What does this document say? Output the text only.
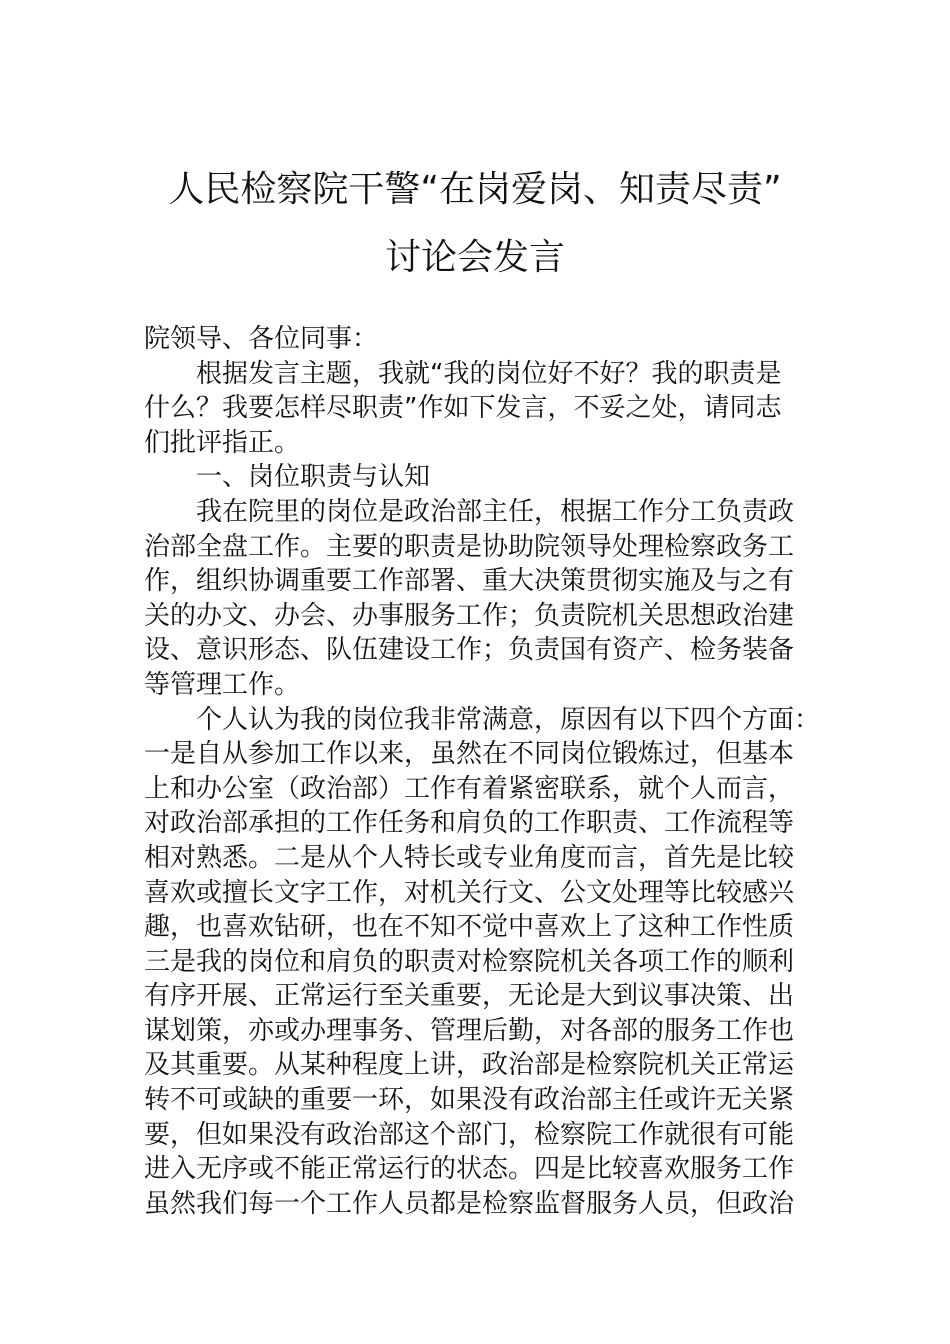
人民检察院干警“在岗爱岗、知责尽责”
讨论会发言
院领导、各位同事：
根据发言主题，我就“我的岗位好不好？我的职责是
什么？我要怎样尽职责”作如下发言，不妥之处，请同志
们批评指正。
一、岗位职责与认知
我在院里的岗位是政治部主任，根据工作分工负责政
治部全盘工作。主要的职责是协助院领导处理检察政务工
作，组织协调重要工作部署、重大决策贯彻实施及与之有
关的办文、办会、办事服务工作；负责院机关思想政治建
设、意识形态、队伍建设工作；负责国有资产、检务装备
等管理工作。
个人认为我的岗位我非常满意，原因有以下四个方面：
一是自从参加工作以来，虽然在不同岗位锻炼过，但基本
上和办公室（政治部）工作有着紧密联系，就个人而言，
对政治部承担的工作任务和肩负的工作职责、工作流程等
相对熟悉。二是从个人特长或专业角度而言，首先是比较
喜欢或擅长文字工作，对机关行文、公文处理等比较感兴
趣，也喜欢钻研，也在不知不觉中喜欢上了这种工作性质
三是我的岗位和肩负的职责对检察院机关各项工作的顺利
有序开展、正常运行至关重要，无论是大到议事决策、出
谋划策，亦或办理事务、管理后勤，对各部的服务工作也
及其重要。从某种程度上讲，政治部是检察院机关正常运
转不可或缺的重要一环，如果没有政治部主任或许无关紧
要，但如果没有政治部这个部门，检察院工作就很有可能
进入无序或不能正常运行的状态。四是比较喜欢服务工作
虽然我们每一个工作人员都是检察监督服务人员，但政治
